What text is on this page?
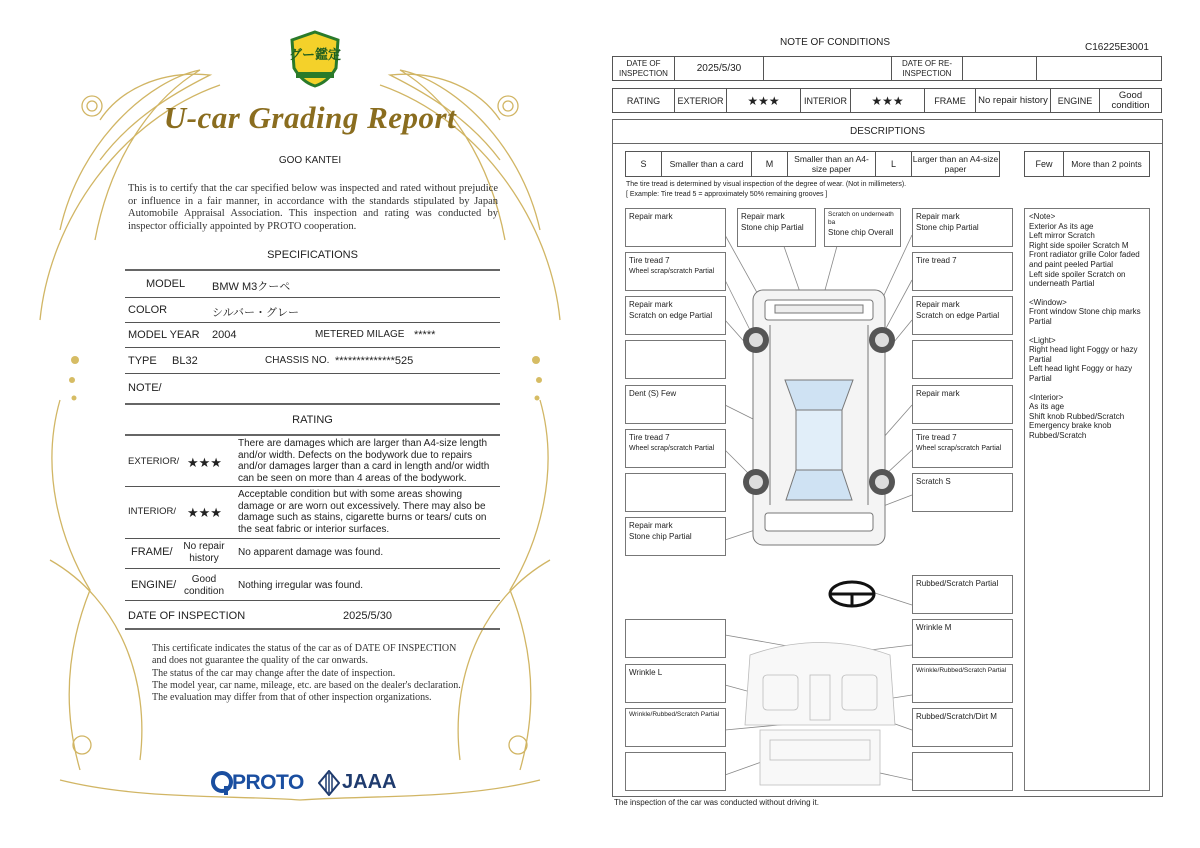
グー鑑定
U-car Grading Report
GOO KANTEI
This is to certify that the car specified below was inspected and rated without prejudice or influence in a fair manner, in accordance with the standards stipulated by Japan Automobile Appraisal Association. This inspection and rating was conducted by inspector officially appointed by PROTO cooperation.
SPECIFICATIONS
MODEL BMW M3クーペ
COLOR	シルバー・グレー
MODEL YEAR 2004	METERED MILAGE *****
TYPE BL32	CHASSIS NO. **************525
NOTE/
RATING
EXTERIOR/ ★★★
There are damages which are larger than A4-size length and/or width. Defects on the bodywork due to repairs and/or damages larger than a card in length and/or width can be seen on more than 4 areas of the bodywork.
INTERIOR/ ★★★
Acceptable condition but with some areas showing damage or are worn out excessively. There may also be damage such as stains, cigarette burns or tears/ cuts on the seat fabric or interior surfaces.
FRAME/	No repair history
No apparent damage was found.
ENGINE/	Good condition
Nothing irregular was found.
DATE OF INSPECTION	2025/5/30
This certificate indicates the status of the car as of DATE OF INSPECTION and does not guarantee the quality of the car onwards.
The status of the car may change after the date of inspection.
The model year, car name, mileage, etc. are based on the dealer's declaration.
The evaluation may differ from that of other inspection organizations.
PROTO JAAA
NOTE OF CONDITIONS	C16225E3001
DATE OF INSPECTION	2025/5/30	DATE OF RE-INSPECTION
RATING	EXTERIOR	★★★	INTERIOR	★★★	FRAME	No repair history	ENGINE	Good condition
DESCRIPTIONS
S	Smaller than a card	M	Smaller than an A4-size paper	L	Larger than an A4-size paper	Few	More than 2 points
The tire tread is determined by visual inspection of the degree of wear. (Not in millimeters).
[ Example: Tire tread 5 = approximately 50% remaining grooves ]
Repair mark	Repair mark
Stone chip Partial
Scratch on underneath
ba
Stone chip Overall
Repair mark
Stone chip Partial
Tire tread 7
Wheel scrap/scratch Partial
Tire tread 7
Repair mark
Scratch on edge Partial
Repair mark
Scratch on edge Partial
Dent (S) Few	Repair mark
Tire tread 7
Wheel scrap/scratch Partial
Tire tread 7
Wheel scrap/scratch Partial
Scratch S
Repair mark
Stone chip Partial
Rubbed/Scratch Partial
Wrinkle M
Wrinkle L	Wrinkle/Rubbed/Scratch Partial
Wrinkle/Rubbed/Scratch Partial	Rubbed/Scratch/Dirt M

<Note>
Exterior As its age
Left mirror Scratch
Right side spoiler Scratch M
Front radiator grille Color faded and paint peeled Partial
Left side spoiler Scratch on underneath Partial

<Window>
Front window Stone chip marks Partial

<Light>
Right head light Foggy or hazy Partial
Left head light Foggy or hazy Partial

<Interior>
As its age
Shift knob Rubbed/Scratch
Emergency brake knob Rubbed/Scratch

The inspection of the car was conducted without driving it.
